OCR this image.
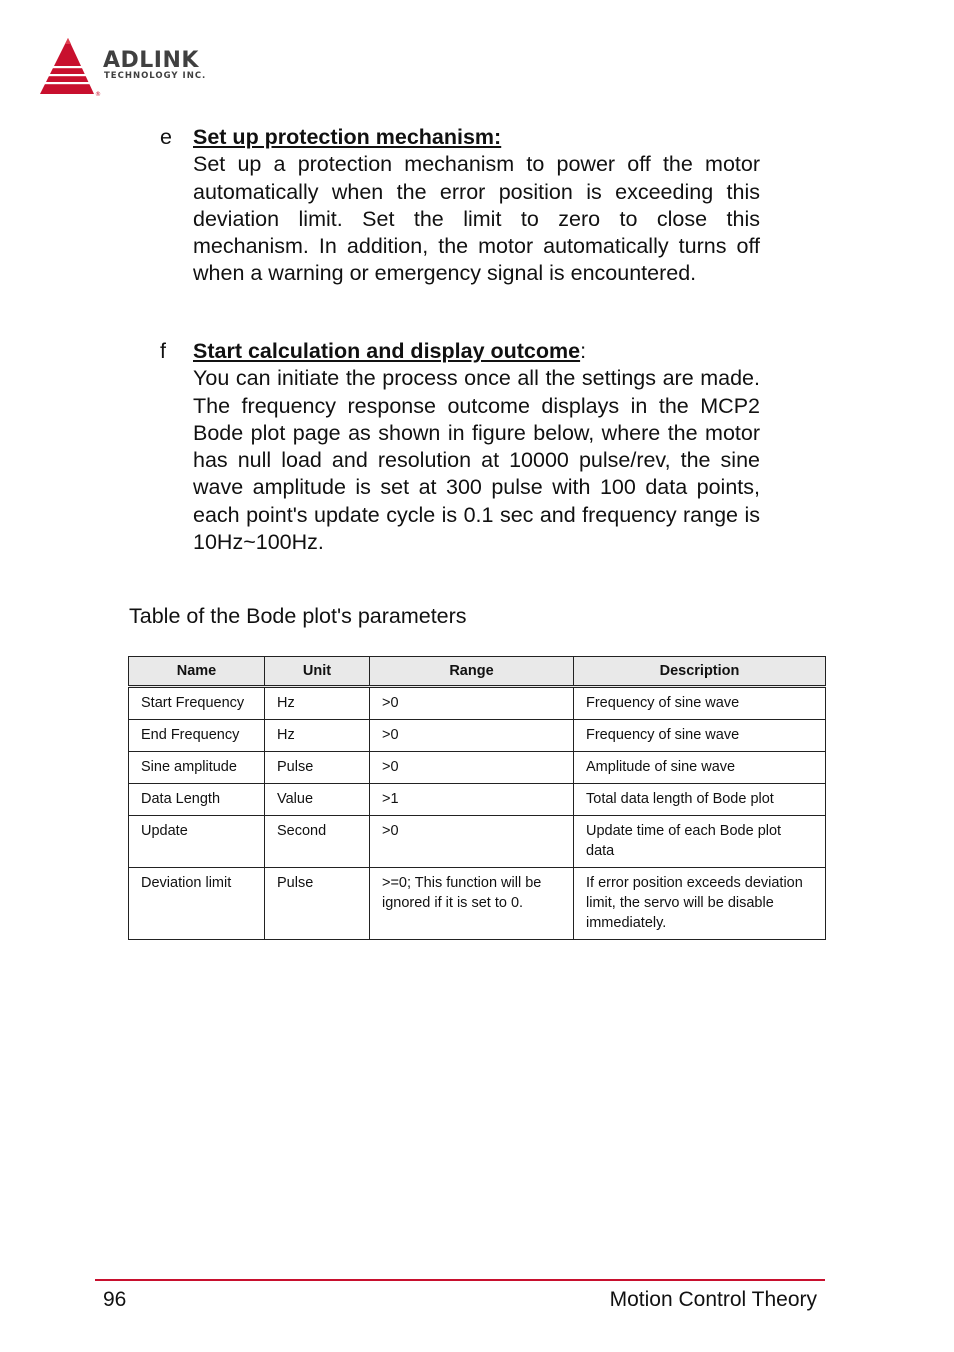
®
ADLINK
TECHNOLOGY INC.
e Set up protection mechanism:
Set up a protection mechanism to power off the motor automatically when the error position is exceeding this deviation limit. Set the limit to zero to close this mechanism. In addition, the motor automatically turns off when a warning or emergency signal is encountered.
f Start calculation and display outcome:
You can initiate the process once all the settings are made. The frequency response outcome displays in the MCP2 Bode plot page as shown in figure below, where the motor has null load and resolution at 10000 pulse/rev, the sine wave amplitude is set at 300 pulse with 100 data points, each point's update cycle is 0.1 sec and frequency range is 10Hz~100Hz.
Table of the Bode plot's parameters
Name	Unit	Range	Description
Start Frequency	Hz	>0	Frequency of sine wave
End Frequency	Hz	>0	Frequency of sine wave
Sine amplitude	Pulse	>0	Amplitude of sine wave
Data Length	Value	>1	Total data length of Bode plot
Update	Second	>0	Update time of each Bode plot data
Deviation limit	Pulse	>=0; This function will be ignored if it is set to 0.	If error position exceeds deviation limit, the servo will be disable immediately.
96	Motion Control Theory
